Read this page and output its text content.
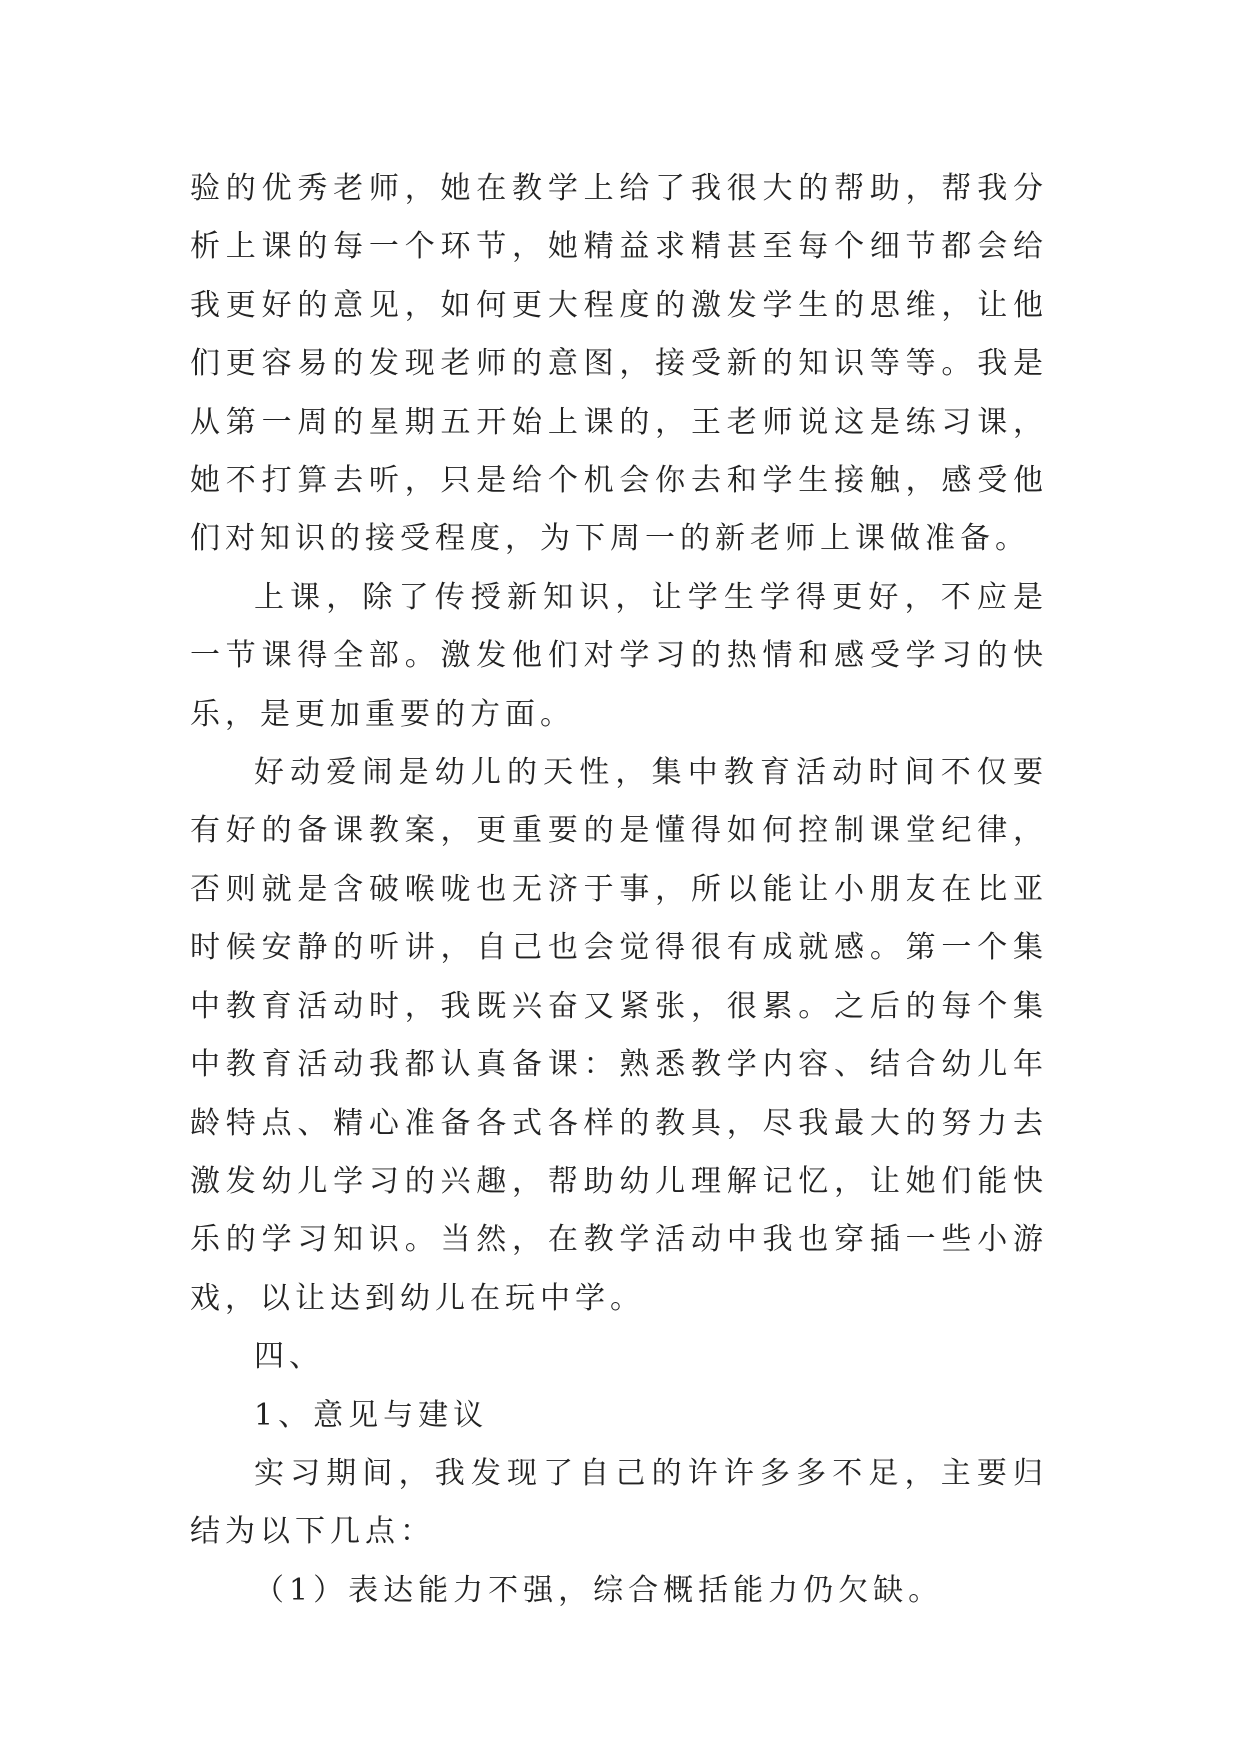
验的优秀老师，她在教学上给了我很大的帮助，帮我分析上课的每一个环节，她精益求精甚至每个细节都会给我更好的意见，如何更大程度的激发学生的思维，让他们更容易的发现老师的意图，接受新的知识等等。我是从第一周的星期五开始上课的，王老师说这是练习课，她不打算去听，只是给个机会你去和学生接触，感受他们对知识的接受程度，为下周一的新老师上课做准备。

上课，除了传授新知识，让学生学得更好，不应是一节课得全部。激发他们对学习的热情和感受学习的快乐，是更加重要的方面。

好动爱闹是幼儿的天性，集中教育活动时间不仅要有好的备课教案，更重要的是懂得如何控制课堂纪律，否则就是含破喉咙也无济于事，所以能让小朋友在比亚时候安静的听讲，自己也会觉得很有成就感。第一个集中教育活动时，我既兴奋又紧张，很累。之后的每个集中教育活动我都认真备课：熟悉教学内容、结合幼儿年龄特点、精心准备各式各样的教具，尽我最大的努力去激发幼儿学习的兴趣，帮助幼儿理解记忆，让她们能快乐的学习知识。当然，在教学活动中我也穿插一些小游戏，以让达到幼儿在玩中学。

四、

1、意见与建议

实习期间，我发现了自己的许许多多不足，主要归结为以下几点：

（1）表达能力不强，综合概括能力仍欠缺。
